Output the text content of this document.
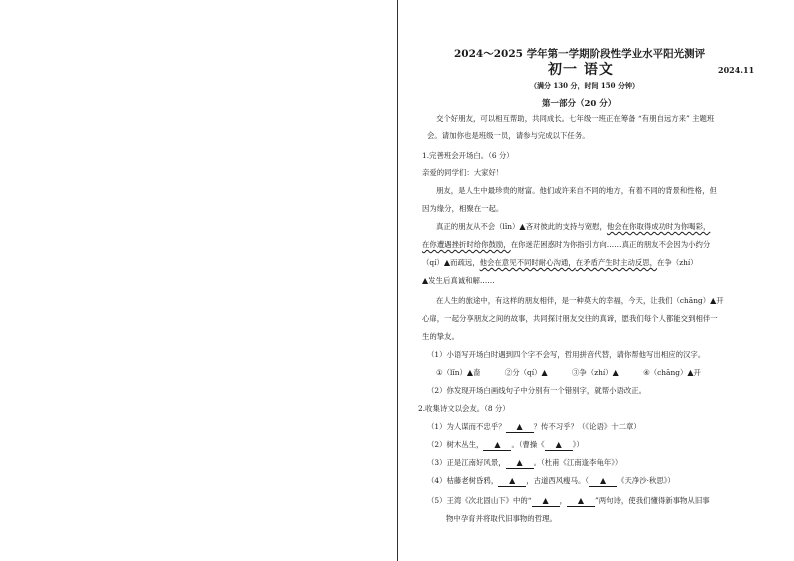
2024～2025 学年第一学期阶段性学业水平阳光测评
初一 语文	2024.11
（满分 130 分，时间 150 分钟）
第一部分（20 分）
交个好朋友，可以相互帮助，共同成长。七年级一班正在筹备 “有朋自远方来” 主题班
会。请加你也是班级一员，请参与完成以下任务。
1.完善班会开场白。（6 分）
亲爱的同学们：大家好！
朋友，是人生中最珍贵的财富。他们或许来自不同的地方，有着不同的背景和性格，但
因为缘分，相聚在一起。
真正的朋友从不会（lǐn）▲吝对彼此的支持与宽慰，他会在你取得成功时为你喝彩，
在你遭遇挫折时给你鼓励，在你迷茫困惑时为你指引方向……真正的朋友不会因为小约分
（qí）▲而疏远，他会在意见不同时耐心沟通，在矛盾产生时主动反思，在争（zhí）
▲发生后真诚和解……
在人生的旅途中，有这样的朋友相伴，是一种莫大的幸福，今天，让我们（chāng）▲开
心扉，一起分享朋友之间的故事，共同探讨朋友交往的真谛，愿我们每个人都能交到相伴一
生的挚友。
（1）小语写开场白时遇到四个字不会写，哲用拼音代替，请你帮他写出相应的汉字。
①（lǐn）▲啬	②分（qí）▲	③争（zhí）▲	④（chāng）▲开
（2）你发现开场白画线句子中分别有一个错别字，就帮小语改正。
2.收集诗文以会友。（8 分）
（1）为人谋而不忠乎？ ▲ ？传不习乎？（《论语》十二章）
（2）树木丛生， ▲ 。（曹操《 ▲ 》）
（3）正是江南好风景， ▲ 。（杜甫《江南逢李龟年》）
（4）枯藤老树昏鸦， ▲ ，古道西风瘦马。（ ▲ 《天净沙·秋思》）
（5）王湾《次北固山下》中的“ ▲ ， ▲ ”两句诗，使我们懂得新事物从旧事
物中孕育并将取代旧事物的哲理。
